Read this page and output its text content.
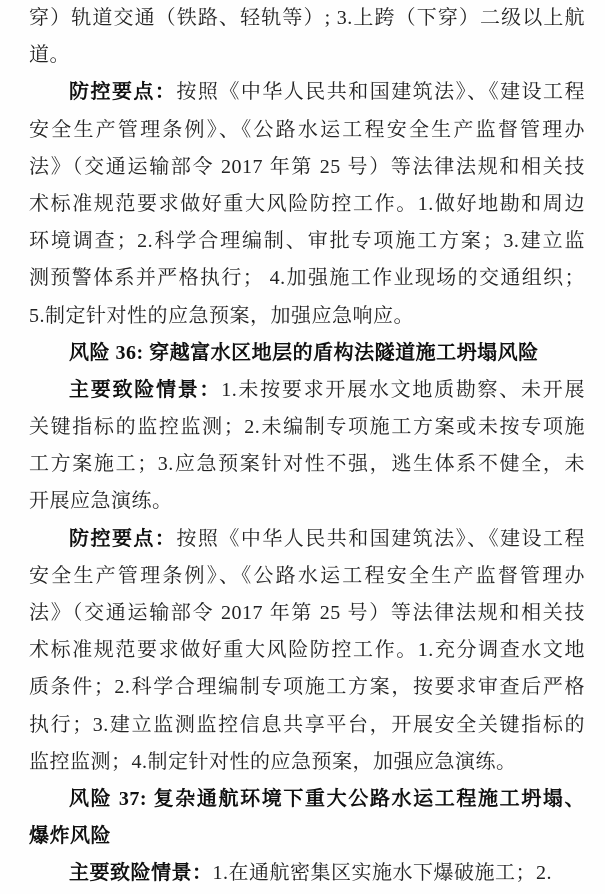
穿）轨道交通（铁路、轻轨等）; 3.上跨（下穿）二级以上航
道。
防控要点：按照《中华人民共和国建筑法》、《建设工程
安全生产管理条例》、《公路水运工程安全生产监督管理办
法》（交通运输部令 2017 年第 25 号）等法律法规和相关技
术标准规范要求做好重大风险防控工作。1.做好地勘和周边
环境调查；2.科学合理编制、审批专项施工方案；3.建立监
测预警体系并严格执行； 4.加强施工作业现场的交通组织；
5.制定针对性的应急预案，加强应急响应。
风险 36: 穿越富水区地层的盾构法隧道施工坍塌风险
主要致险情景：1.未按要求开展水文地质勘察、未开展
关键指标的监控监测；2.未编制专项施工方案或未按专项施
工方案施工；3.应急预案针对性不强，逃生体系不健全，未
开展应急演练。
防控要点：按照《中华人民共和国建筑法》、《建设工程
安全生产管理条例》、《公路水运工程安全生产监督管理办
法》（交通运输部令 2017 年第 25 号）等法律法规和相关技
术标准规范要求做好重大风险防控工作。1.充分调查水文地
质条件；2.科学合理编制专项施工方案，按要求审查后严格
执行；3.建立监测监控信息共享平台，开展安全关键指标的
监控监测；4.制定针对性的应急预案，加强应急演练。
风险 37: 复杂通航环境下重大公路水运工程施工坍塌、
爆炸风险
主要致险情景：1.在通航密集区实施水下爆破施工；2.
